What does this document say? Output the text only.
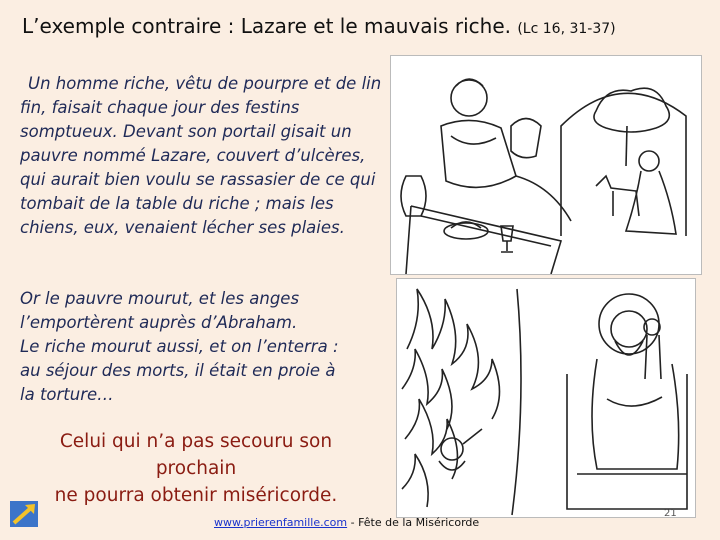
L’exemple contraire : Lazare et le mauvais riche. (Lc 16, 31-37)
Un homme riche, vêtu de pourpre et de lin fin, faisait chaque jour des festins somptueux. Devant son portail gisait un pauvre nommé Lazare, couvert d’ulcères, qui aurait bien voulu se rassasier de ce qui tombait de la table du riche ; mais les chiens, eux, venaient lécher ses plaies.
Or le pauvre mourut, et les anges
l’emportèrent auprès d’Abraham.
Le riche mourut aussi, et on l’enterra :
au séjour des morts, il était en proie à
la torture…
Celui qui n’a pas secouru son
prochain
ne pourra obtenir miséricorde.
www.prierenfamille.com - Fête de la Miséricorde
21
